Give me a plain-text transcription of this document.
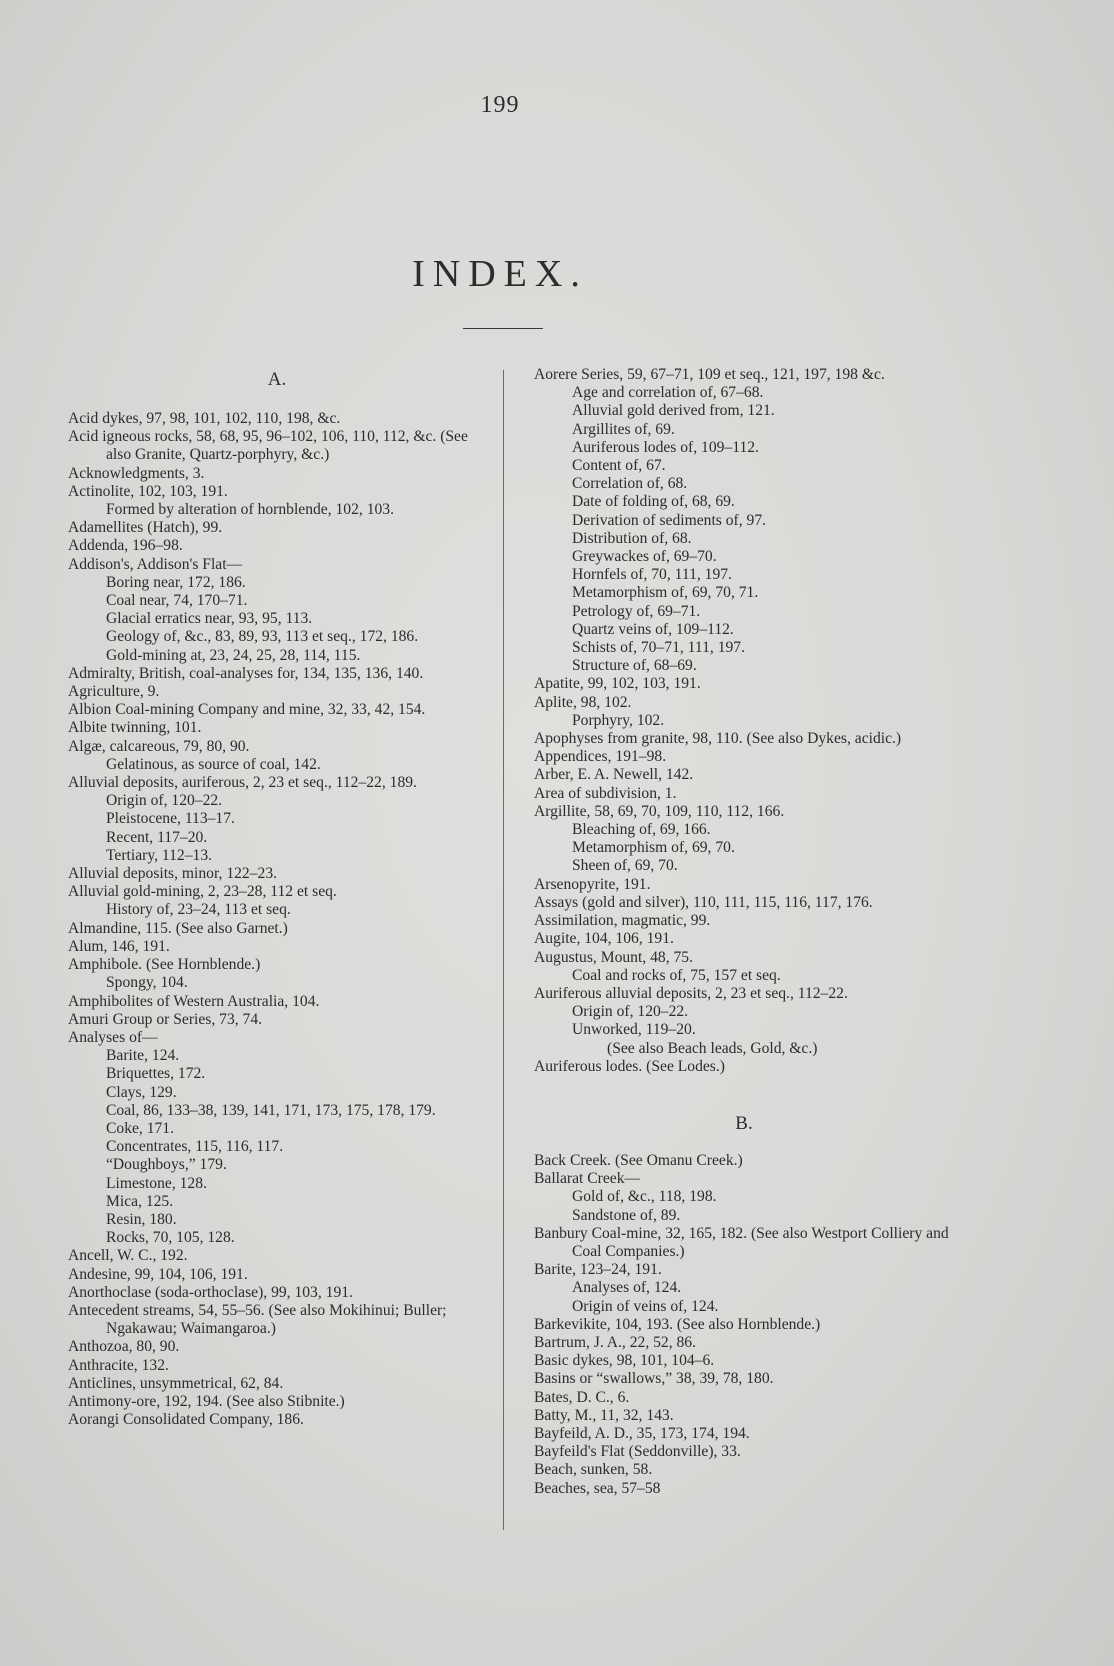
199
INDEX.
A.
Acid dykes, 97, 98, 101, 102, 110, 198, &c.
Acid igneous rocks, 58, 68, 95, 96–102, 106, 110, 112, &c. (See also Granite, Quartz-porphyry, &c.)
Acknowledgments, 3.
Actinolite, 102, 103, 191.
Formed by alteration of hornblende, 102, 103.
Adamellites (Hatch), 99.
Addenda, 196–98.
Addison's, Addison's Flat—
Boring near, 172, 186.
Coal near, 74, 170–71.
Glacial erratics near, 93, 95, 113.
Geology of, &c., 83, 89, 93, 113 et seq., 172, 186.
Gold-mining at, 23, 24, 25, 28, 114, 115.
Admiralty, British, coal-analyses for, 134, 135, 136, 140.
Agriculture, 9.
Albion Coal-mining Company and mine, 32, 33, 42, 154.
Albite twinning, 101.
Algæ, calcareous, 79, 80, 90.
Gelatinous, as source of coal, 142.
Alluvial deposits, auriferous, 2, 23 et seq., 112–22, 189.
Origin of, 120–22.
Pleistocene, 113–17.
Recent, 117–20.
Tertiary, 112–13.
Alluvial deposits, minor, 122–23.
Alluvial gold-mining, 2, 23–28, 112 et seq.
History of, 23–24, 113 et seq.
Almandine, 115. (See also Garnet.)
Alum, 146, 191.
Amphibole. (See Hornblende.)
Spongy, 104.
Amphibolites of Western Australia, 104.
Amuri Group or Series, 73, 74.
Analyses of—
Barite, 124.
Briquettes, 172.
Clays, 129.
Coal, 86, 133–38, 139, 141, 171, 173, 175, 178, 179.
Coke, 171.
Concentrates, 115, 116, 117.
“Doughboys,” 179.
Limestone, 128.
Mica, 125.
Resin, 180.
Rocks, 70, 105, 128.
Ancell, W. C., 192.
Andesine, 99, 104, 106, 191.
Anorthoclase (soda-orthoclase), 99, 103, 191.
Antecedent streams, 54, 55–56. (See also Mokihinui; Buller; Ngakawau; Waimangaroa.)
Anthozoa, 80, 90.
Anthracite, 132.
Anticlines, unsymmetrical, 62, 84.
Antimony-ore, 192, 194. (See also Stibnite.)
Aorangi Consolidated Company, 186.
Aorere Series, 59, 67–71, 109 et seq., 121, 197, 198 &c.
Age and correlation of, 67–68.
Alluvial gold derived from, 121.
Argillites of, 69.
Auriferous lodes of, 109–112.
Content of, 67.
Correlation of, 68.
Date of folding of, 68, 69.
Derivation of sediments of, 97.
Distribution of, 68.
Greywackes of, 69–70.
Hornfels of, 70, 111, 197.
Metamorphism of, 69, 70, 71.
Petrology of, 69–71.
Quartz veins of, 109–112.
Schists of, 70–71, 111, 197.
Structure of, 68–69.
Apatite, 99, 102, 103, 191.
Aplite, 98, 102.
Porphyry, 102.
Apophyses from granite, 98, 110. (See also Dykes, acidic.)
Appendices, 191–98.
Arber, E. A. Newell, 142.
Area of subdivision, 1.
Argillite, 58, 69, 70, 109, 110, 112, 166.
Bleaching of, 69, 166.
Metamorphism of, 69, 70.
Sheen of, 69, 70.
Arsenopyrite, 191.
Assays (gold and silver), 110, 111, 115, 116, 117, 176.
Assimilation, magmatic, 99.
Augite, 104, 106, 191.
Augustus, Mount, 48, 75.
Coal and rocks of, 75, 157 et seq.
Auriferous alluvial deposits, 2, 23 et seq., 112–22.
Origin of, 120–22.
Unworked, 119–20.
(See also Beach leads, Gold, &c.)
Auriferous lodes. (See Lodes.)
B.
Back Creek. (See Omanu Creek.)
Ballarat Creek—
Gold of, &c., 118, 198.
Sandstone of, 89.
Banbury Coal-mine, 32, 165, 182. (See also Westport Colliery and Coal Companies.)
Barite, 123–24, 191.
Analyses of, 124.
Origin of veins of, 124.
Barkevikite, 104, 193. (See also Hornblende.)
Bartrum, J. A., 22, 52, 86.
Basic dykes, 98, 101, 104–6.
Basins or “swallows,” 38, 39, 78, 180.
Bates, D. C., 6.
Batty, M., 11, 32, 143.
Bayfeild, A. D., 35, 173, 174, 194.
Bayfeild's Flat (Seddonville), 33.
Beach, sunken, 58.
Beaches, sea, 57–58
